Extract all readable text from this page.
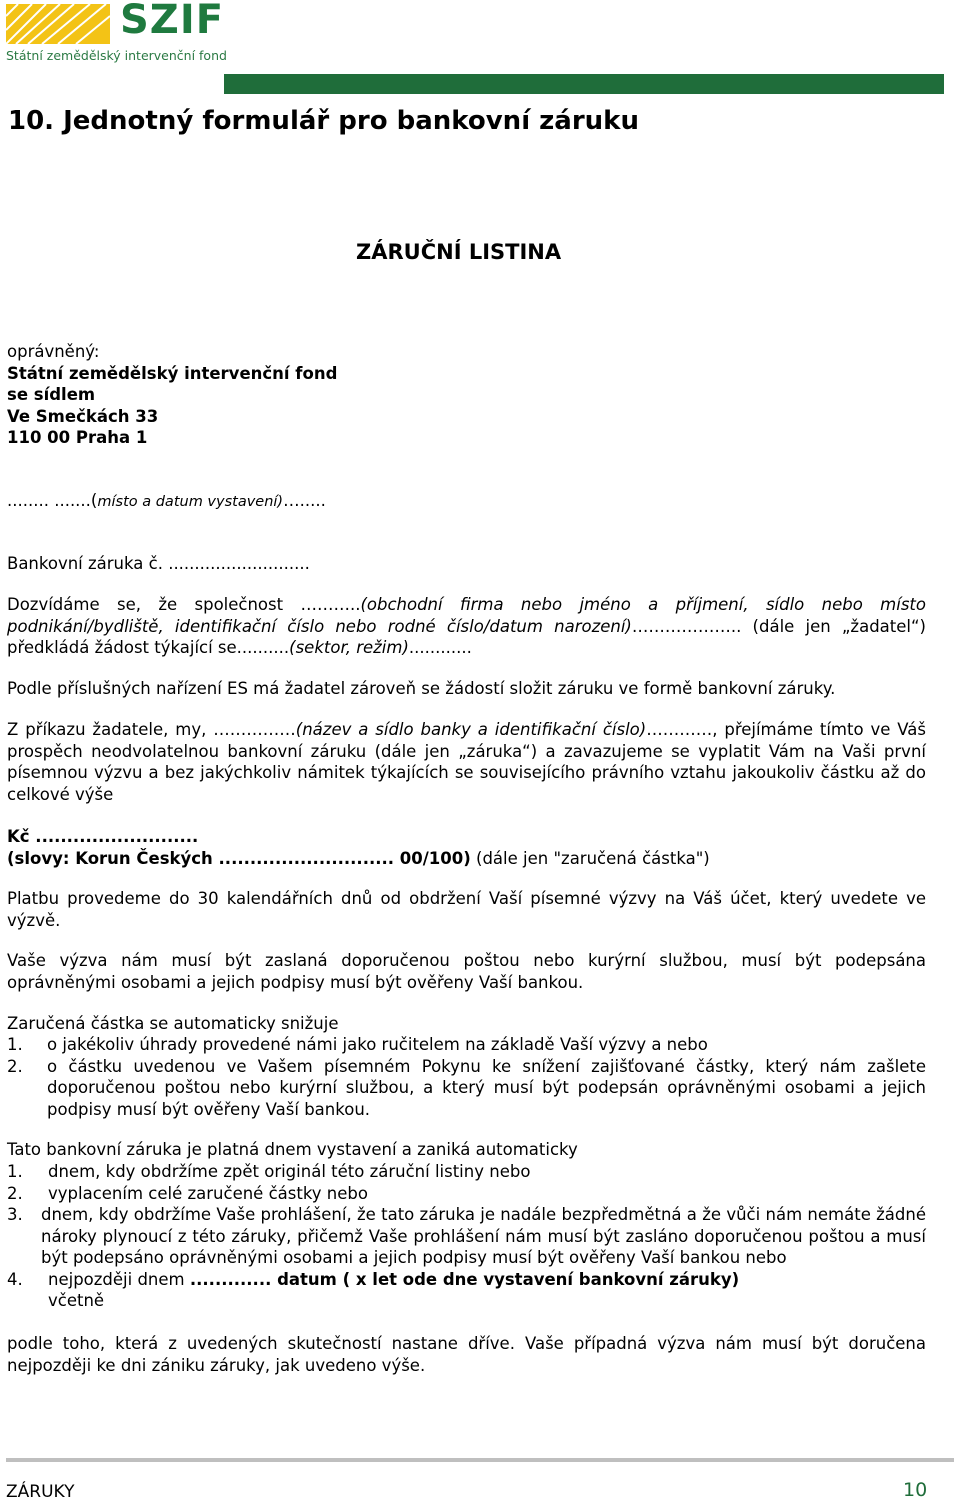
SZIF
Státní zemědělský intervenční fond
10. Jednotný formulář pro bankovní záruku
ZÁRUČNÍ LISTINA
oprávněný:
Státní zemědělský intervenční fond
se sídlem
Ve Smečkách 33
110 00 Praha 1
........ .......(místo a datum vystavení)….....
Bankovní záruka č. ...........................
Dozvídáme se, že společnost ………..(obchodní firma nebo jméno a příjmení, sídlo nebo místo podnikání/bydliště, identifikační číslo nebo rodné číslo/datum narození)……………….. (dále jen „žadatel“) předkládá žádost týkající se..........(sektor, režim)............
Podle příslušných nařízení ES má žadatel zároveň se žádostí složit záruku ve formě bankovní záruky.
Z příkazu žadatele, my, ……………(název a sídlo banky a identifikační číslo)…………, přejímáme tímto ve Váš prospěch neodvolatelnou bankovní záruku (dále jen „záruka“) a zavazujeme se vyplatit Vám na Vaši první písemnou výzvu a bez jakýchkoliv námitek týkajících se souvisejícího právního vztahu jakoukoliv částku až do celkové výše
Kč ..........................
(slovy: Korun Českých ............................ 00/100) (dále jen "zaručená částka")
Platbu provedeme do 30 kalendářních dnů od obdržení Vaší písemné výzvy na Váš účet, který uvedete ve výzvě.
Vaše výzva nám musí být zaslaná doporučenou poštou nebo kurýrní službou, musí být podepsána oprávněnými osobami a jejich podpisy musí být ověřeny Vaší bankou.
Zaručená částka se automaticky snižuje
1. o jakékoliv úhrady provedené námi jako ručitelem na základě Vaší výzvy a nebo
2. o částku uvedenou ve Vašem písemném Pokynu ke snížení zajišťované částky, který nám zašlete doporučenou poštou nebo kurýrní službou, a který musí být podepsán oprávněnými osobami a jejich podpisy musí být ověřeny Vaší bankou.
Tato bankovní záruka je platná dnem vystavení a zaniká automaticky
1. dnem, kdy obdržíme zpět originál této záruční listiny nebo
2. vyplacením celé zaručené částky nebo
3. dnem, kdy obdržíme Vaše prohlášení, že tato záruka je nadále bezpředmětná a že vůči nám nemáte žádné nároky plynoucí z této záruky, přičemž Vaše prohlášení nám musí být zasláno doporučenou poštou a musí být podepsáno oprávněnými osobami a jejich podpisy musí být ověřeny Vaší bankou nebo
4. nejpozději dnem ............. datum ( x let ode dne vystavení bankovní záruky)
včetně
podle toho, která z uvedených skutečností nastane dříve. Vaše případná výzva nám musí být doručena nejpozději ke dni zániku záruky, jak uvedeno výše.
ZÁRUKY	10
